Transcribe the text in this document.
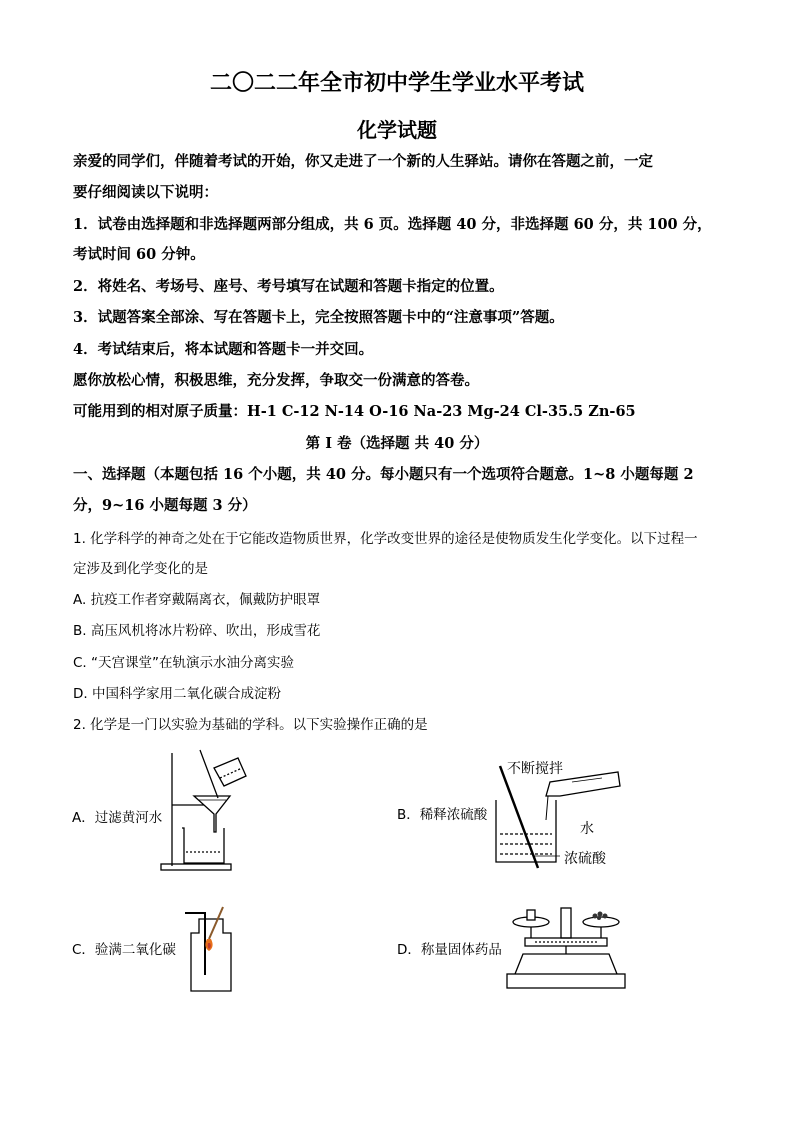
二〇二二年全市初中学生学业水平考试
化学试题
亲爱的同学们，伴随着考试的开始，你又走进了一个新的人生驿站。请你在答题之前，一定
要仔细阅读以下说明：
1．试卷由选择题和非选择题两部分组成，共 6 页。选择题 40 分，非选择题 60 分，共 100 分，
考试时间 60 分钟。
2．将姓名、考场号、座号、考号填写在试题和答题卡指定的位置。
3．试题答案全部涂、写在答题卡上，完全按照答题卡中的“注意事项”答题。
4．考试结束后，将本试题和答题卡一并交回。
愿你放松心情，积极思维，充分发挥，争取交一份满意的答卷。
可能用到的相对原子质量：H-1 C-12 N-14 O-16 Na-23 Mg-24 Cl-35.5 Zn-65
第 I 卷（选择题 共 40 分）
一、选择题（本题包括 16 个小题，共 40 分。每小题只有一个选项符合题意。1~8 小题每题 2
分，9~16 小题每题 3 分）
1. 化学科学的神奇之处在于它能改造物质世界，化学改变世界的途径是使物质发生化学变化。以下过程一
定涉及到化学变化的是
A. 抗疫工作者穿戴隔离衣，佩戴防护眼罩
B. 高压风机将冰片粉碎、吹出，形成雪花
C. “天宫课堂”在轨演示水油分离实验
D. 中国科学家用二氧化碳合成淀粉
2. 化学是一门以实验为基础的学科。以下实验操作正确的是
A．过滤黄河水	B．稀释浓硫酸
不断搅拌
水
浓硫酸
C．验满二氧化碳	D．称量固体药品
